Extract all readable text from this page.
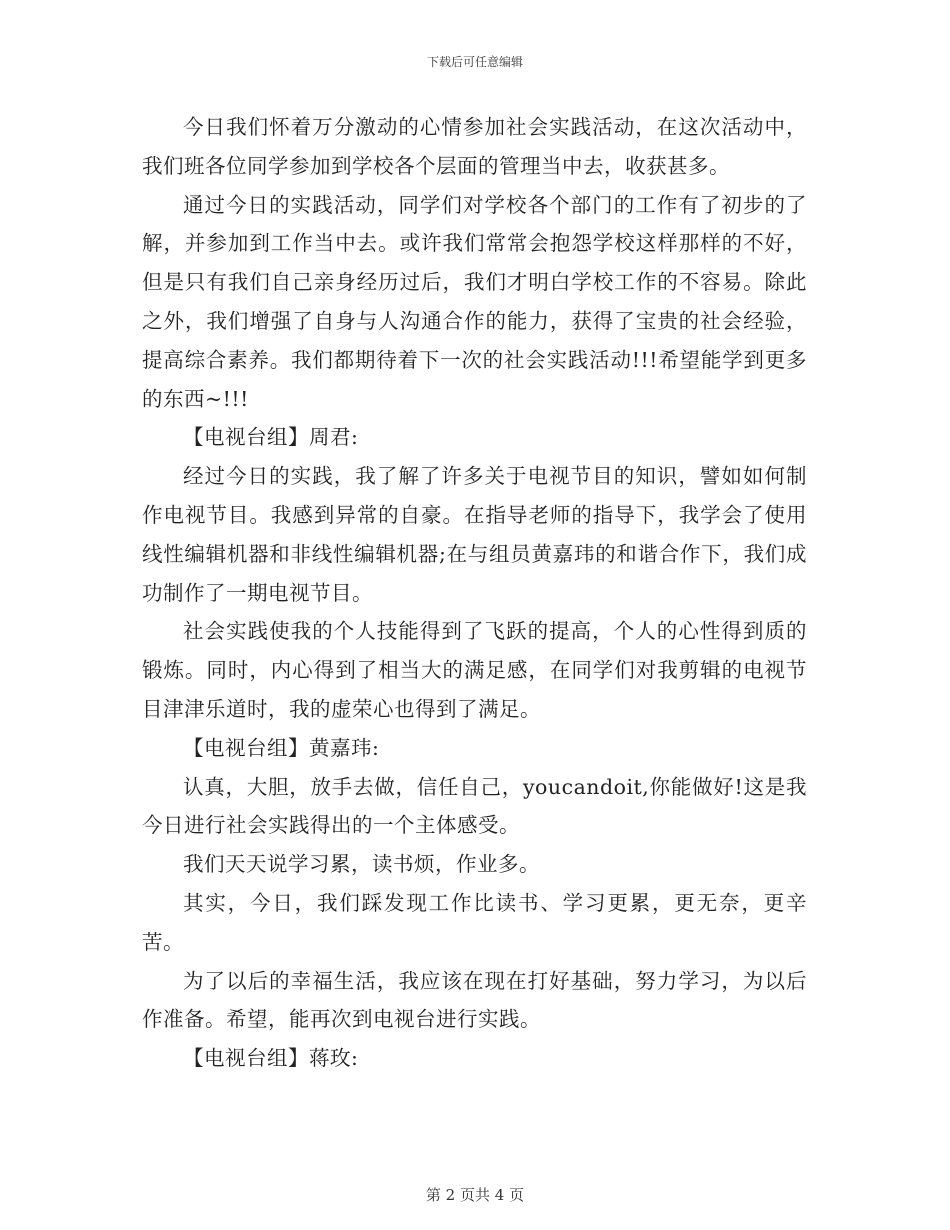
下载后可任意编辑

今日我们怀着万分激动的心情参加社会实践活动，在这次活动中，我们班各位同学参加到学校各个层面的管理当中去，收获甚多。

通过今日的实践活动，同学们对学校各个部门的工作有了初步的了解，并参加到工作当中去。或许我们常常会抱怨学校这样那样的不好，但是只有我们自己亲身经历过后，我们才明白学校工作的不容易。除此之外，我们增强了自身与人沟通合作的能力，获得了宝贵的社会经验，提高综合素养。我们都期待着下一次的社会实践活动!!!希望能学到更多的东西~!!!

【电视台组】周君:

经过今日的实践，我了解了许多关于电视节目的知识，譬如如何制作电视节目。我感到异常的自豪。在指导老师的指导下，我学会了使用线性编辑机器和非线性编辑机器;在与组员黄嘉玮的和谐合作下，我们成功制作了一期电视节目。

社会实践使我的个人技能得到了飞跃的提高，个人的心性得到质的锻炼。同时，内心得到了相当大的满足感，在同学们对我剪辑的电视节目津津乐道时，我的虚荣心也得到了满足。

【电视台组】黄嘉玮:

认真，大胆，放手去做，信任自己，youcandoit,你能做好!这是我今日进行社会实践得出的一个主体感受。

我们天天说学习累，读书烦，作业多。

其实，今日，我们踩发现工作比读书、学习更累，更无奈，更辛苦。

为了以后的幸福生活，我应该在现在打好基础，努力学习，为以后作准备。希望，能再次到电视台进行实践。

【电视台组】蒋玫:

第 2 页共 4 页
